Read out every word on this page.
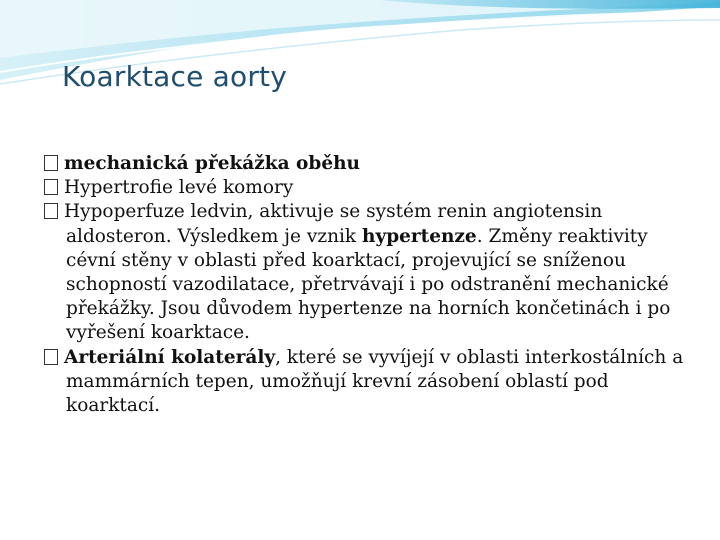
Koarktace aorty
mechanická překážka oběhu
Hypertrofie levé komory
Hypoperfuze ledvin, aktivuje se systém renin angiotensin aldosteron. Výsledkem je vznik hypertenze. Změny reaktivity cévní stěny v oblasti před koarktací, projevující se sníženou schopností vazodilatace, přetrvávají i po odstranění mechanické překážky. Jsou důvodem hypertenze na horních končetinách i po vyřešení koarktace.
Arteriální kolaterály, které se vyvíjejí v oblasti interkostálních a mammárních tepen, umožňují krevní zásobení oblastí pod koarktací.
